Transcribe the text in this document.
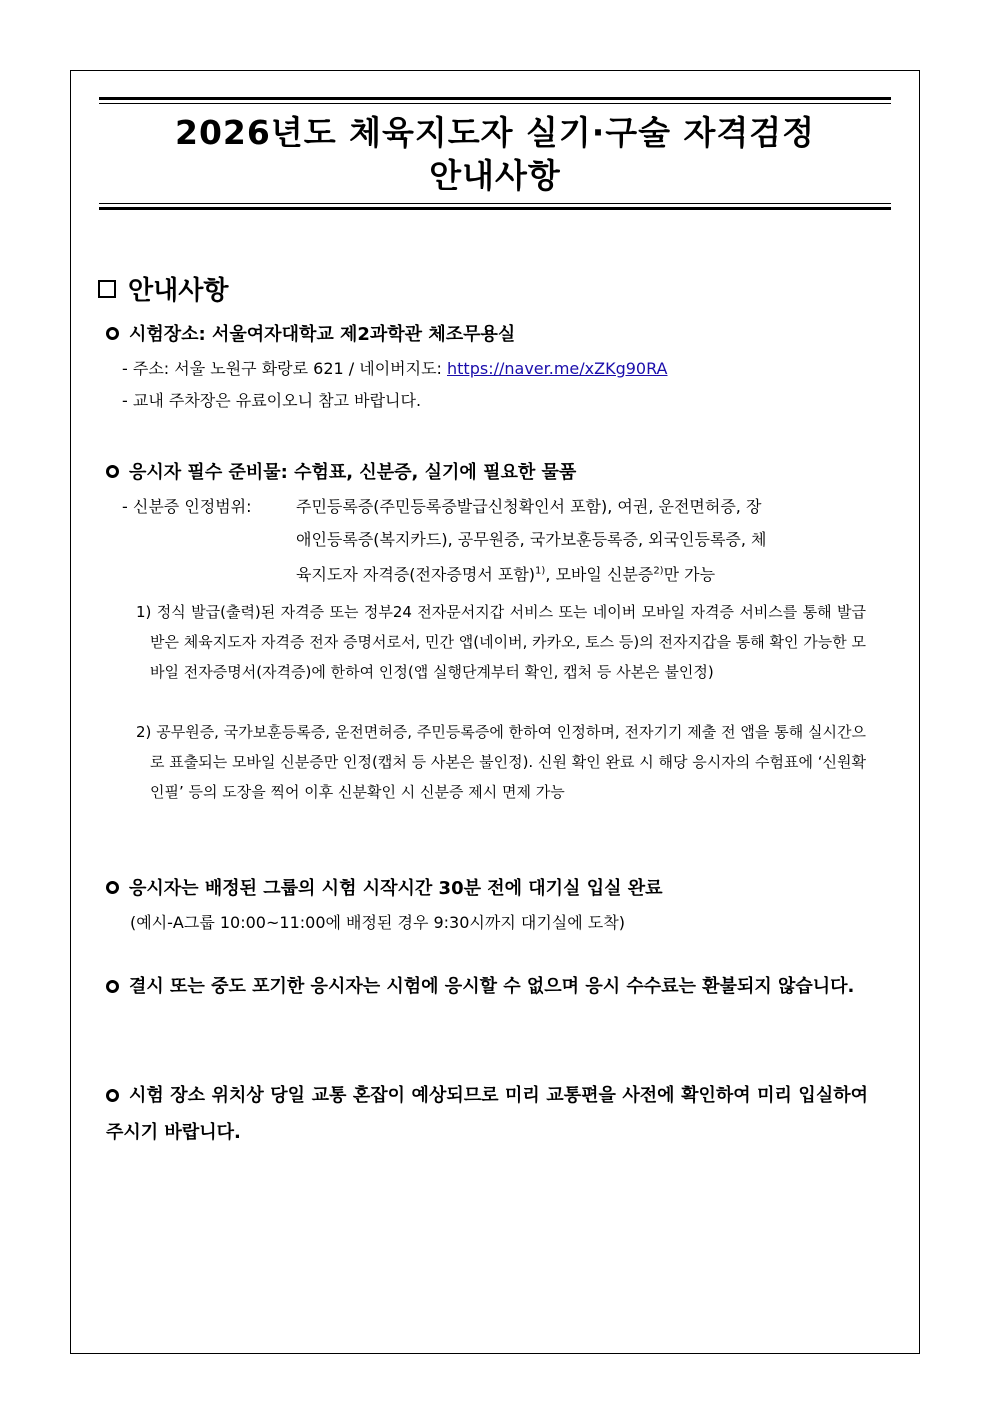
2026년도 체육지도자 실기·구술 자격검정
안내사항
안내사항
시험장소: 서울여자대학교 제2과학관 체조무용실
- 주소: 서울 노원구 화랑로 621 / 네이버지도: https://naver.me/xZKg90RA
- 교내 주차장은 유료이오니 참고 바랍니다.
응시자 필수 준비물: 수험표, 신분증, 실기에 필요한 물품
- 신분증 인정범위:	주민등록증(주민등록증발급신청확인서 포함), 여권, 운전면허증, 장
애인등록증(복지카드), 공무원증, 국가보훈등록증, 외국인등록증, 체
육지도자 자격증(전자증명서 포함)$^{1)}$, 모바일 신분증$^{2)}$만 가능
1) 정식 발급(출력)된 자격증 또는 정부24 전자문서지갑 서비스 또는 네이버 모바일 자격증 서비스를 통해 발급받은 체육지도자 자격증 전자 증명서로서, 민간 앱(네이버, 카카오, 토스 등)의 전자지갑을 통해 확인 가능한 모바일 전자증명서(자격증)에 한하여 인정(앱 실행단계부터 확인, 캡처 등 사본은 불인정)
2) 공무원증, 국가보훈등록증, 운전면허증, 주민등록증에 한하여 인정하며, 전자기기 제출 전 앱을 통해 실시간으로 표출되는 모바일 신분증만 인정(캡처 등 사본은 불인정). 신원 확인 완료 시 해당 응시자의 수험표에 ‘신원확인필’ 등의 도장을 찍어 이후 신분확인 시 신분증 제시 면제 가능
응시자는 배정된 그룹의 시험 시작시간 30분 전에 대기실 입실 완료
(예시-A그룹 10:00~11:00에 배정된 경우 9:30시까지 대기실에 도착)
결시 또는 중도 포기한 응시자는 시험에 응시할 수 없으며 응시 수수료는 환불되지 않습니다.
시험 장소 위치상 당일 교통 혼잡이 예상되므로 미리 교통편을 사전에 확인하여 미리 입실하여 주시기 바랍니다.
